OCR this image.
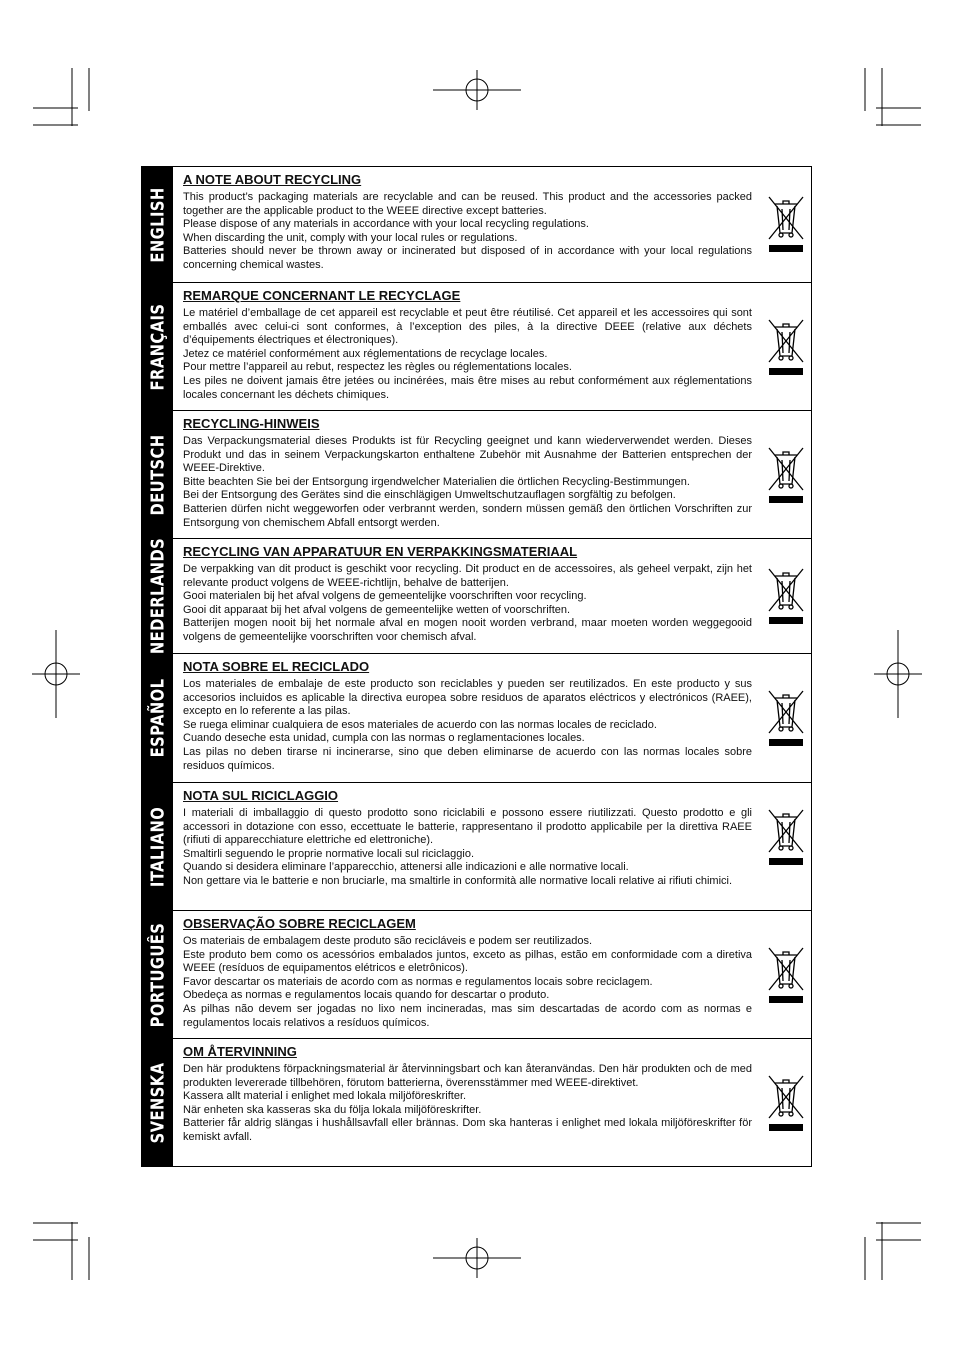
ENGLISH

A NOTE ABOUT RECYCLING

This product’s packaging materials are recyclable and can be reused. This product and the accessories packed together are the applicable product to the WEEE directive except batteries.

Please dispose of any materials in accordance with your local recycling regulations.

When discarding the unit, comply with your local rules or regulations.

Batteries should never be thrown away or incinerated but disposed of in accordance with your local regulations concerning chemical wastes.

FRANÇAIS

REMARQUE CONCERNANT LE RECYCLAGE

Le matériel d’emballage de cet appareil est recyclable et peut être réutilisé. Cet appareil et les accessoires qui sont emballés avec celui-ci sont conformes, à l’exception des piles, à la directive DEEE (relative aux déchets d’équipements électriques et électroniques).

Jetez ce matériel conformément aux réglementations de recyclage locales.

Pour mettre l’appareil au rebut, respectez les règles ou réglementations locales.

Les piles ne doivent jamais être jetées ou incinérées, mais être mises au rebut conformément aux réglementations locales concernant les déchets chimiques.

DEUTSCH

RECYCLING-HINWEIS

Das Verpackungsmaterial dieses Produkts ist für Recycling geeignet und kann wiederverwendet werden. Dieses Produkt und das in seinem Verpackungskarton enthaltene Zubehör mit Ausnahme der Batterien entsprechen der WEEE-Direktive.

Bitte beachten Sie bei der Entsorgung irgendwelcher Materialien die örtlichen Recycling-Bestimmungen.

Bei der Entsorgung des Gerätes sind die einschlägigen Umweltschutzauflagen sorgfältig zu befolgen.

Batterien dürfen nicht weggeworfen oder verbrannt werden, sondern müssen gemäß den örtlichen Vorschriften zur Entsorgung von chemischem Abfall entsorgt werden.

NEDERLANDS RECYCLING VAN APPARATUUR EN VERPAKKINGSMATERIAAL

De verpakking van dit product is geschikt voor recycling. Dit product en de accessoires, als geheel verpakt, zijn het relevante product volgens de WEEE-richtlijn, behalve de batterijen.

Gooi materialen bij het afval volgens de gemeentelijke voorschriften voor recycling.

Gooi dit apparaat bij het afval volgens de gemeentelijke wetten of voorschriften.

Batterijen mogen nooit bij het normale afval en mogen nooit worden verbrand, maar moeten worden weggegooid volgens de gemeentelijke voorschriften voor chemisch afval.

ESPAÑOL

NOTA SOBRE EL RECICLADO

Los materiales de embalaje de este producto son reciclables y pueden ser reutilizados. En este producto y sus accesorios incluidos es aplicable la directiva europea sobre residuos de aparatos eléctricos y electrónicos (RAEE), excepto en lo referente a las pilas.

Se ruega eliminar cualquiera de esos materiales de acuerdo con las normas locales de reciclado.

Cuando deseche esta unidad, cumpla con las normas o reglamentaciones locales.

Las pilas no deben tirarse ni incinerarse, sino que deben eliminarse de acuerdo con las normas locales sobre residuos químicos.

ITALIANO

NOTA SUL RICICLAGGIO

I materiali di imballaggio di questo prodotto sono riciclabili e possono essere riutilizzati. Questo prodotto e gli accessori in dotazione con esso, eccettuate le batterie, rappresentano il prodotto applicabile per la direttiva RAEE (rifiuti di apparecchiature elettriche ed elettroniche).

Smaltirli seguendo le proprie normative locali sul riciclaggio.

Quando si desidera eliminare l’apparecchio, attenersi alle indicazioni e alle normative locali.

Non gettare via le batterie e non bruciarle, ma smaltirle in conformità alle normative locali relative ai rifiuti chimici.

PORTUGUÊS OBSERVAÇÃO SOBRE RECICLAGEM

Os materiais de embalagem deste produto são recicláveis e podem ser reutilizados.

Este produto bem como os acessórios embalados juntos, exceto as pilhas, estão em conformidade com a diretiva WEEE (resíduos de equipamentos elétricos e eletrônicos).

Favor descartar os materiais de acordo com as normas e regulamentos locais sobre reciclagem.

Obedeça as normas e regulamentos locais quando for descartar o produto.

As pilhas não devem ser jogadas no lixo nem incineradas, mas sim descartadas de acordo com as normas e regulamentos locais relativos a resíduos químicos.

SVENSKA

OM ÅTERVINNING

Den här produktens förpackningsmaterial är återvinningsbart och kan återanvändas. Den här produkten och de med produkten levererade tillbehören, förutom batterierna, överensstämmer med WEEE-direktivet.

Kassera allt material i enlighet med lokala miljöföreskrifter.

När enheten ska kasseras ska du följa lokala miljöföreskrifter.

Batterier får aldrig slängas i hushållsavfall eller brännas. Dom ska hanteras i enlighet med lokala miljöföreskrifter för kemiskt avfall.
